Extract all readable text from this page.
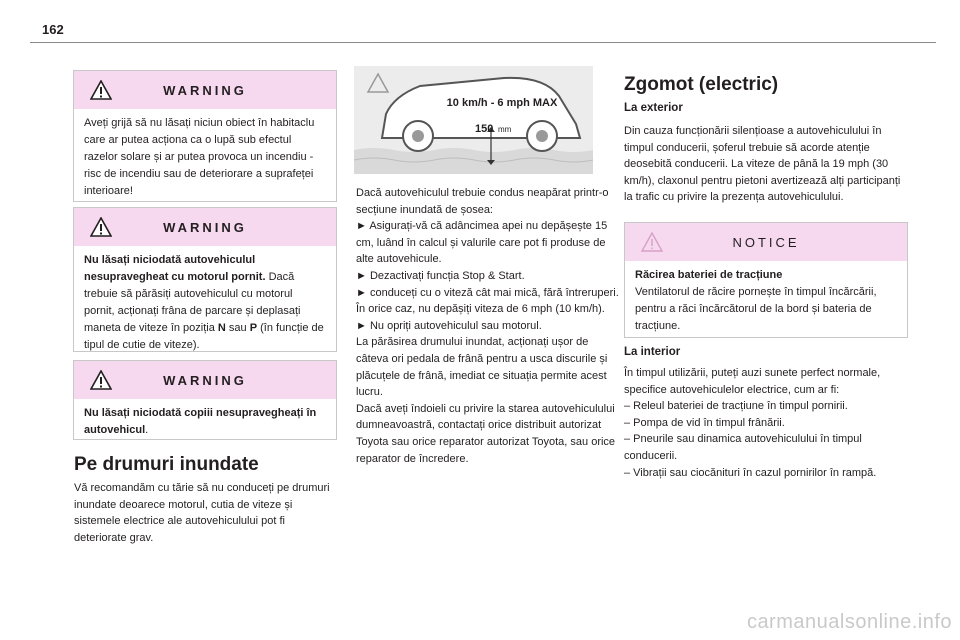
162
WARNING
Aveți grijă să nu lăsați niciun obiect în habitaclu care ar putea acționa ca o lupă sub efectul razelor solare și ar putea provoca un incendiu - risc de incendiu sau de deteriorare a suprafeței interioare!
WARNING
Nu lăsați niciodată autovehiculul nesupravegheat cu motorul pornit. Dacă trebuie să părăsiți autovehiculul cu motorul pornit, acționați frâna de parcare și deplasați maneta de viteze în poziția N sau P (în funcție de tipul de cutie de viteze).
WARNING
Nu lăsați niciodată copiii nesupravegheați în autovehicul.
Pe drumuri inundate

Vă recomandăm cu tărie să nu conduceți pe drumuri inundate deoarece motorul, cutia de viteze și sistemele electrice ale autovehiculului pot fi deteriorate grav.

10 km/h - 6 mph MAX
150 mm
Dacă autovehiculul trebuie condus neapărat printr-o secțiune inundată de șosea:
► Asigurați-vă că adâncimea apei nu depășește 15 cm, luând în calcul și valurile care pot fi produse de alte autovehicule.
► Dezactivați funcția Stop & Start.
► conduceți cu o viteză cât mai mică, fără întreruperi. În orice caz, nu depășiți viteza de 6 mph (10 km/h).
► Nu opriți autovehiculul sau motorul.
La părăsirea drumului inundat, acționați ușor de câteva ori pedala de frână pentru a usca discurile și plăcuțele de frână, imediat ce situația permite acest lucru.
Dacă aveți îndoieli cu privire la starea autovehiculului dumneavoastră, contactați orice distribuit autorizat Toyota sau orice reparator autorizat Toyota, sau orice reparator de încredere.
Zgomot (electric)
La exterior

Din cauza funcționării silențioase a autovehiculului în timpul conducerii, șoferul trebuie să acorde atenție deosebită conducerii. La viteze de până la 19 mph (30 km/h), claxonul pentru pietoni avertizează alți participanți la trafic cu privire la prezența autovehiculului.

NOTICE
Răcirea bateriei de tracțiune
Ventilatorul de răcire pornește în timpul încărcării, pentru a răci încărcătorul de la bord și bateria de tracțiune.
La interior
În timpul utilizării, puteți auzi sunete perfect normale, specifice autovehiculelor electrice, cum ar fi:
– Releul bateriei de tracțiune în timpul pornirii.
– Pompa de vid în timpul frânării.
– Pneurile sau dinamica autovehiculului în timpul conducerii.
– Vibrații sau ciocănituri în cazul pornirilor în rampă.
carmanualsonline.info
